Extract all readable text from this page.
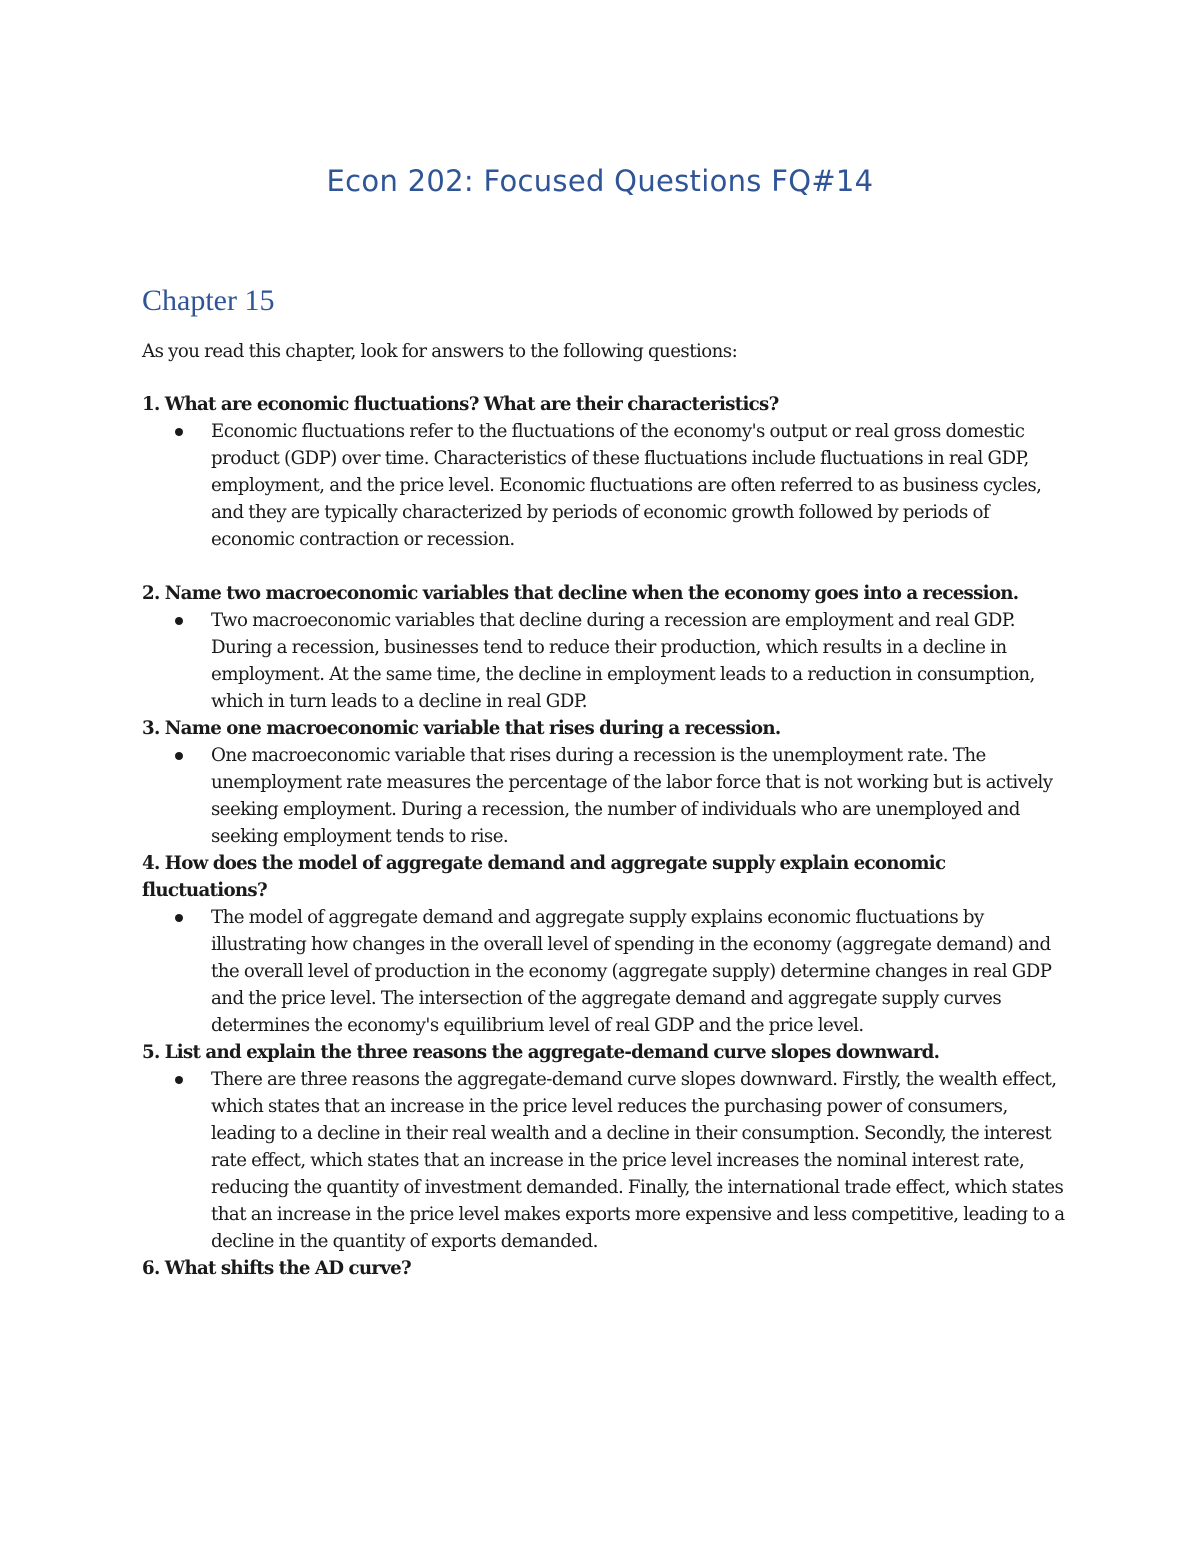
Econ 202: Focused Questions FQ#14
Chapter 15

As you read this chapter, look for answers to the following questions:

1. What are economic fluctuations? What are their characteristics?

Economic fluctuations refer to the fluctuations of the economy's output or real gross domestic product (GDP) over time. Characteristics of these fluctuations include fluctuations in real GDP, employment, and the price level. Economic fluctuations are often referred to as business cycles, and they are typically characterized by periods of economic growth followed by periods of economic contraction or recession.

2. Name two macroeconomic variables that decline when the economy goes into a recession.

Two macroeconomic variables that decline during a recession are employment and real GDP. During a recession, businesses tend to reduce their production, which results in a decline in employment. At the same time, the decline in employment leads to a reduction in consumption, which in turn leads to a decline in real GDP.

3. Name one macroeconomic variable that rises during a recession.

One macroeconomic variable that rises during a recession is the unemployment rate. The unemployment rate measures the percentage of the labor force that is not working but is actively seeking employment. During a recession, the number of individuals who are unemployed and seeking employment tends to rise.

4. How does the model of aggregate demand and aggregate supply explain economic fluctuations?

The model of aggregate demand and aggregate supply explains economic fluctuations by illustrating how changes in the overall level of spending in the economy (aggregate demand) and the overall level of production in the economy (aggregate supply) determine changes in real GDP and the price level. The intersection of the aggregate demand and aggregate supply curves determines the economy's equilibrium level of real GDP and the price level.

5. List and explain the three reasons the aggregate-demand curve slopes downward.

There are three reasons the aggregate-demand curve slopes downward. Firstly, the wealth effect, which states that an increase in the price level reduces the purchasing power of consumers, leading to a decline in their real wealth and a decline in their consumption. Secondly, the interest rate effect, which states that an increase in the price level increases the nominal interest rate, reducing the quantity of investment demanded. Finally, the international trade effect, which states that an increase in the price level makes exports more expensive and less competitive, leading to a decline in the quantity of exports demanded.

6. What shifts the AD curve?
